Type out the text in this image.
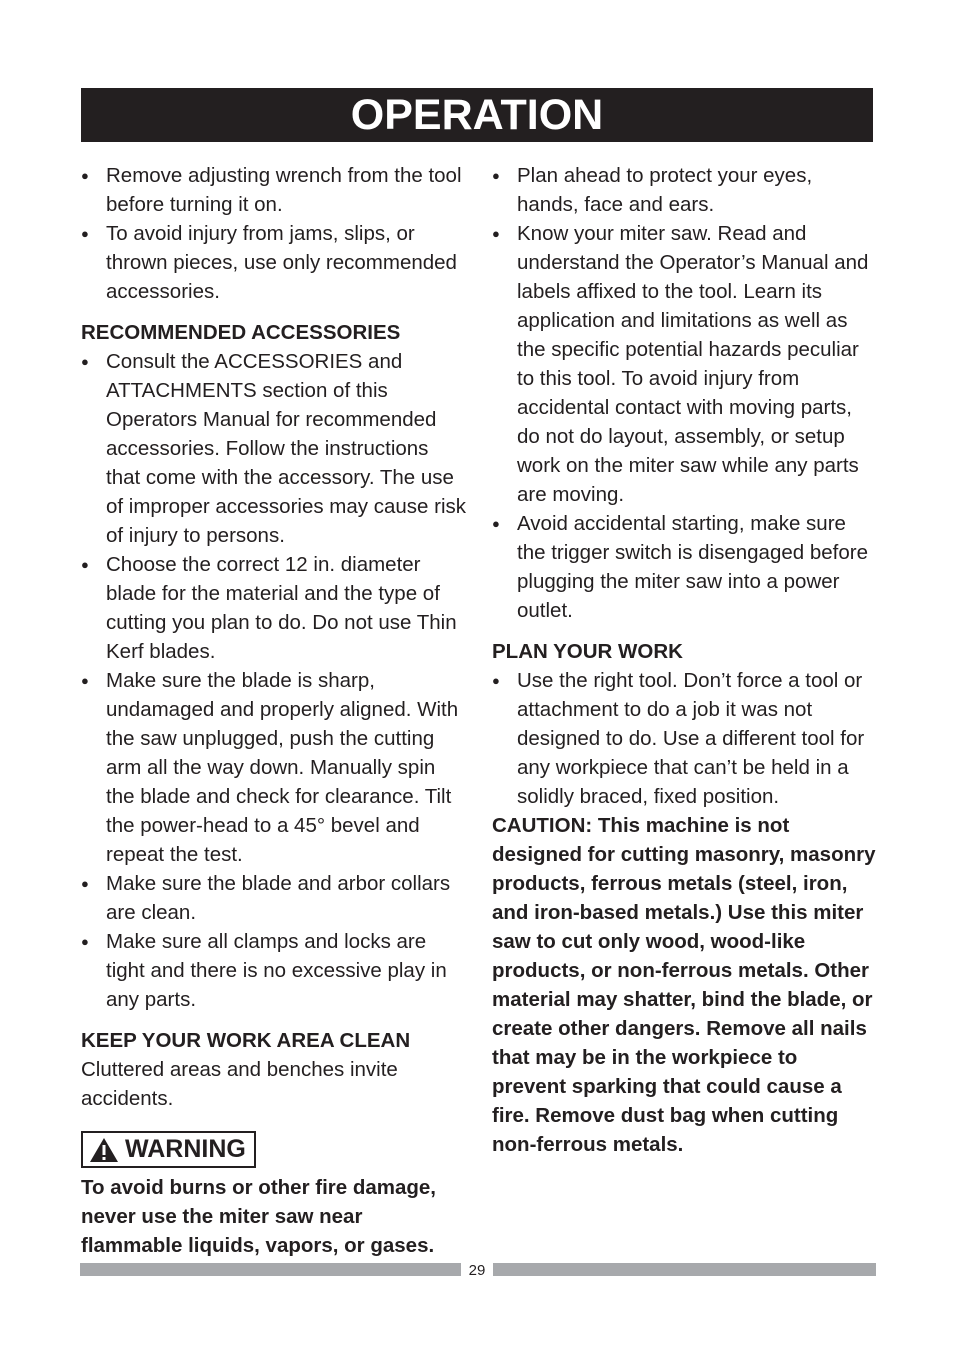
OPERATION
● Remove adjusting wrench from the tool before turning it on.
● To avoid injury from jams, slips, or thrown pieces, use only recommended accessories.
RECOMMENDED ACCESSORIES
● Consult the ACCESSORIES and ATTACHMENTS section of this Operators Manual for recommended accessories. Follow the instructions that come with the accessory. The use of improper accessories may cause risk of injury to persons.
● Choose the correct 12 in. diameter blade for the material and the type of cutting you plan to do. Do not use Thin Kerf blades.
● Make sure the blade is sharp, undamaged and properly aligned. With the saw unplugged, push the cutting arm all the way down. Manually spin the blade and check for clearance. Tilt the power-head to a 45° bevel and repeat the test.
● Make sure the blade and arbor collars are clean.
● Make sure all clamps and locks are tight and there is no excessive play in any parts.
KEEP YOUR WORK AREA CLEAN

Cluttered areas and benches invite accidents.

WARNING
To avoid burns or other fire damage, never use the miter saw near flammable liquids, vapors, or gases.
● Plan ahead to protect your eyes, hands, face and ears.
● Know your miter saw. Read and understand the Operator’s Manual and labels affixed to the tool. Learn its application and limitations as well as the specific potential hazards peculiar to this tool. To avoid injury from accidental contact with moving parts, do not do layout, assembly, or setup work on the miter saw while any parts are moving.
● Avoid accidental starting, make sure the trigger switch is disengaged before plugging the miter saw into a power outlet.
PLAN YOUR WORK
● Use the right tool. Don’t force a tool or attachment to do a job it was not designed to do. Use a different tool for any workpiece that can’t be held in a solidly braced, fixed position.

CAUTION: This machine is not designed for cutting masonry, masonry products, ferrous metals (steel, iron, and iron-based metals.) Use this miter saw to cut only wood, wood-like products, or non-ferrous metals. Other material may shatter, bind the blade, or create other dangers. Remove all nails that may be in the workpiece to prevent sparking that could cause a fire. Remove dust bag when cutting non-ferrous metals.

29
